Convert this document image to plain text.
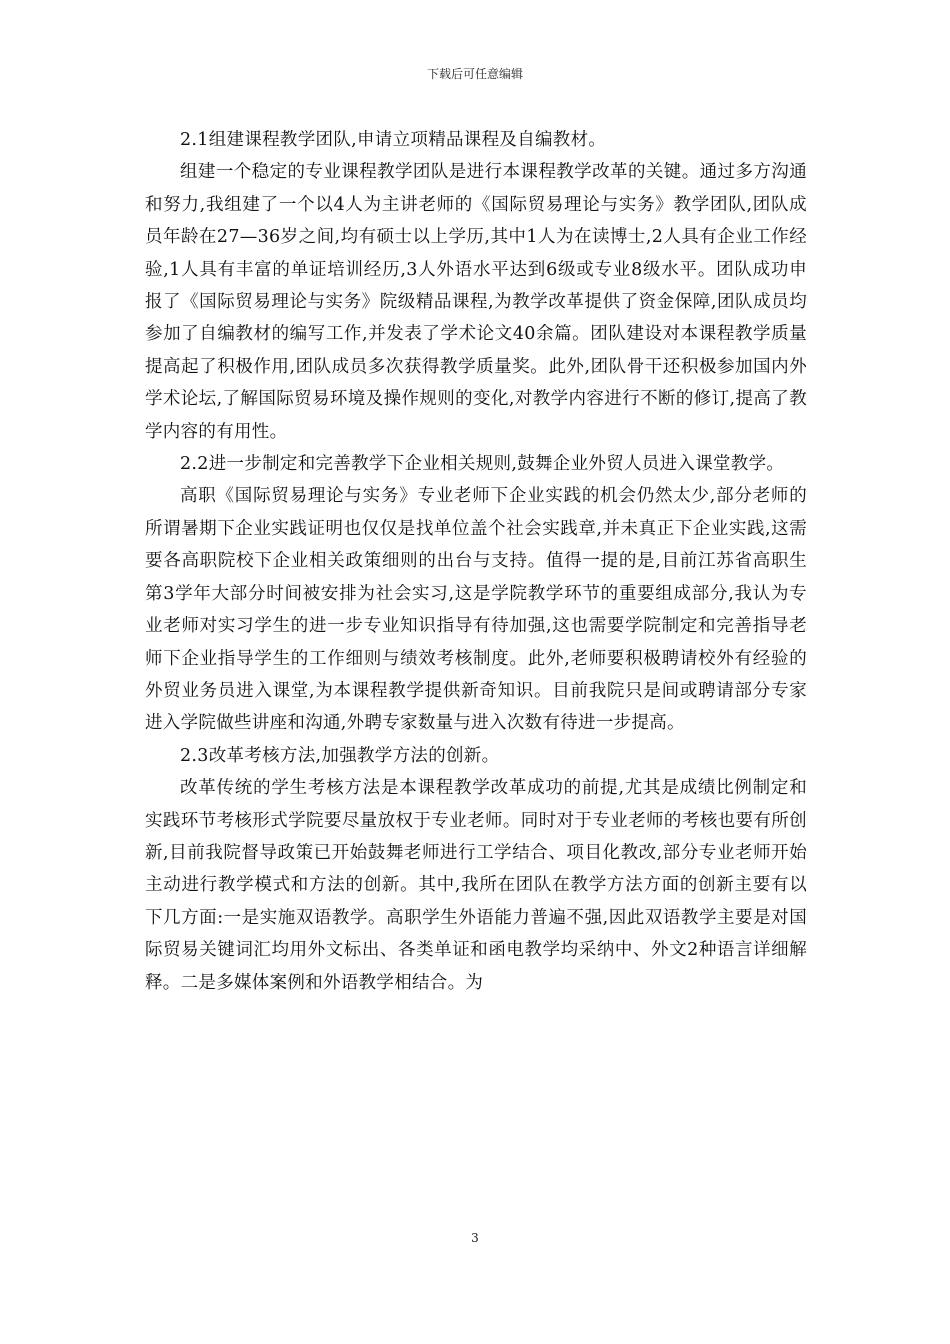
下载后可任意编辑

2.1组建课程教学团队,申请立项精品课程及自编教材。

组建一个稳定的专业课程教学团队是进行本课程教学改革的关键。通过多方沟通和努力,我组建了一个以4人为主讲老师的《国际贸易理论与实务》教学团队,团队成员年龄在27—36岁之间,均有硕士以上学历,其中1人为在读博士,2人具有企业工作经验,1人具有丰富的单证培训经历,3人外语水平达到6级或专业8级水平。团队成功申报了《国际贸易理论与实务》院级精品课程,为教学改革提供了资金保障,团队成员均参加了自编教材的编写工作,并发表了学术论文40余篇。团队建设对本课程教学质量提高起了积极作用,团队成员多次获得教学质量奖。此外,团队骨干还积极参加国内外学术论坛,了解国际贸易环境及操作规则的变化,对教学内容进行不断的修订,提高了教学内容的有用性。

2.2进一步制定和完善教学下企业相关规则,鼓舞企业外贸人员进入课堂教学。

高职《国际贸易理论与实务》专业老师下企业实践的机会仍然太少,部分老师的所谓暑期下企业实践证明也仅仅是找单位盖个社会实践章,并未真正下企业实践,这需要各高职院校下企业相关政策细则的出台与支持。值得一提的是,目前江苏省高职生第3学年大部分时间被安排为社会实习,这是学院教学环节的重要组成部分,我认为专业老师对实习学生的进一步专业知识指导有待加强,这也需要学院制定和完善指导老师下企业指导学生的工作细则与绩效考核制度。此外,老师要积极聘请校外有经验的外贸业务员进入课堂,为本课程教学提供新奇知识。目前我院只是间或聘请部分专家进入学院做些讲座和沟通,外聘专家数量与进入次数有待进一步提高。

2.3改革考核方法,加强教学方法的创新。

改革传统的学生考核方法是本课程教学改革成功的前提,尤其是成绩比例制定和实践环节考核形式学院要尽量放权于专业老师。同时对于专业老师的考核也要有所创新,目前我院督导政策已开始鼓舞老师进行工学结合、项目化教改,部分专业老师开始主动进行教学模式和方法的创新。其中,我所在团队在教学方法方面的创新主要有以下几方面:一是实施双语教学。高职学生外语能力普遍不强,因此双语教学主要是对国际贸易关键词汇均用外文标出、各类单证和函电教学均采纳中、外文2种语言详细解释。二是多媒体案例和外语教学相结合。为

3
